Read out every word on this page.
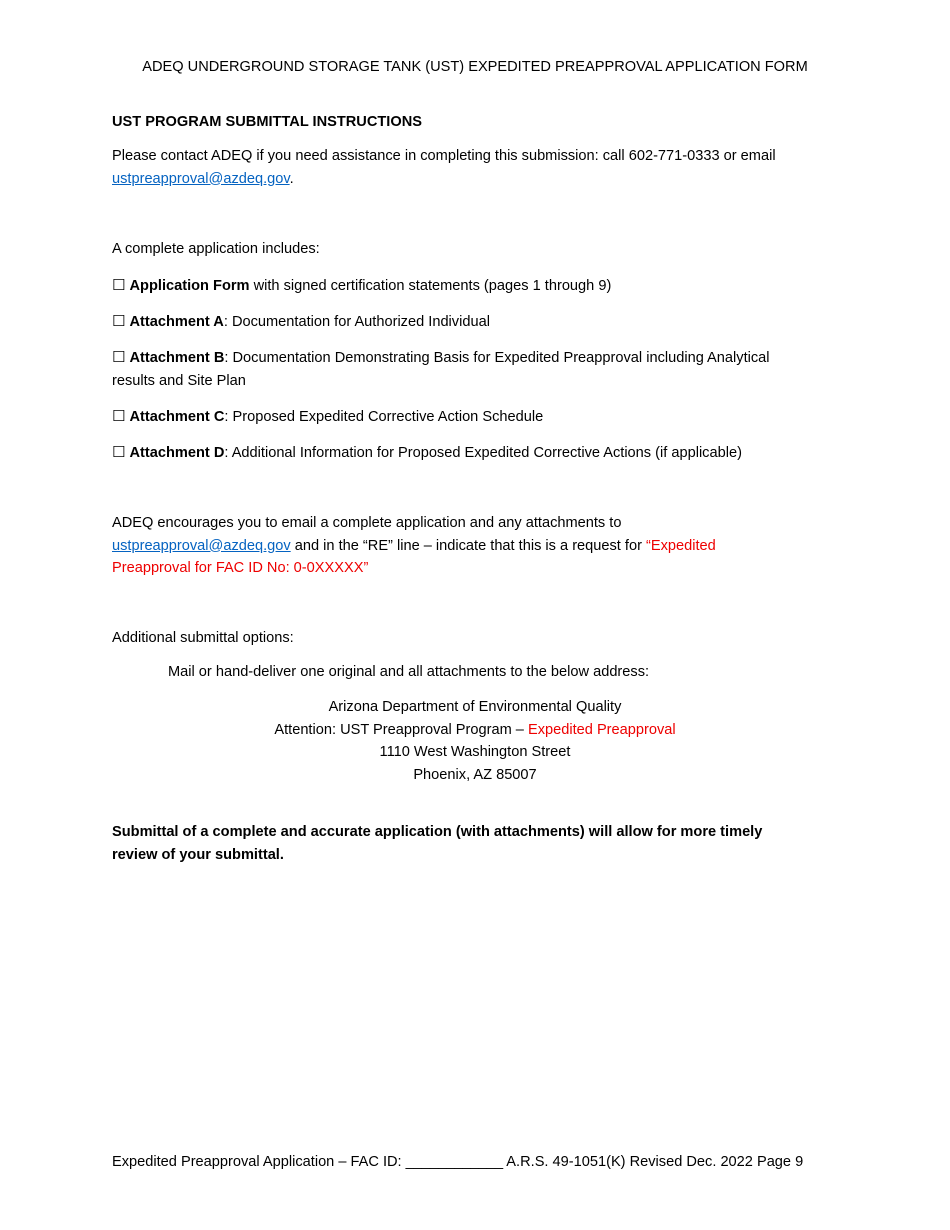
ADEQ UNDERGROUND STORAGE TANK (UST) EXPEDITED PREAPPROVAL APPLICATION FORM

UST PROGRAM SUBMITTAL INSTRUCTIONS

Please contact ADEQ if you need assistance in completing this submission: call 602-771-0333 or email
ustpreapproval@azdeq.gov.

A complete application includes:

☐ Application Form with signed certification statements (pages 1 through 9)

☐ Attachment A: Documentation for Authorized Individual

☐ Attachment B: Documentation Demonstrating Basis for Expedited Preapproval including Analytical
results and Site Plan

☐ Attachment C: Proposed Expedited Corrective Action Schedule

☐ Attachment D: Additional Information for Proposed Expedited Corrective Actions (if applicable)

ADEQ encourages you to email a complete application and any attachments to
ustpreapproval@azdeq.gov and in the “RE” line – indicate that this is a request for “Expedited
Preapproval for FAC ID No: 0-0XXXXX”

Additional submittal options:

Mail or hand-deliver one original and all attachments to the below address:

Arizona Department of Environmental Quality
Attention: UST Preapproval Program – Expedited Preapproval
1110 West Washington Street
Phoenix, AZ 85007

Submittal of a complete and accurate application (with attachments) will allow for more timely
review of your submittal.

Expedited Preapproval Application – FAC ID: ____________ A.R.S. 49-1051(K) Revised Dec. 2022 Page 9
